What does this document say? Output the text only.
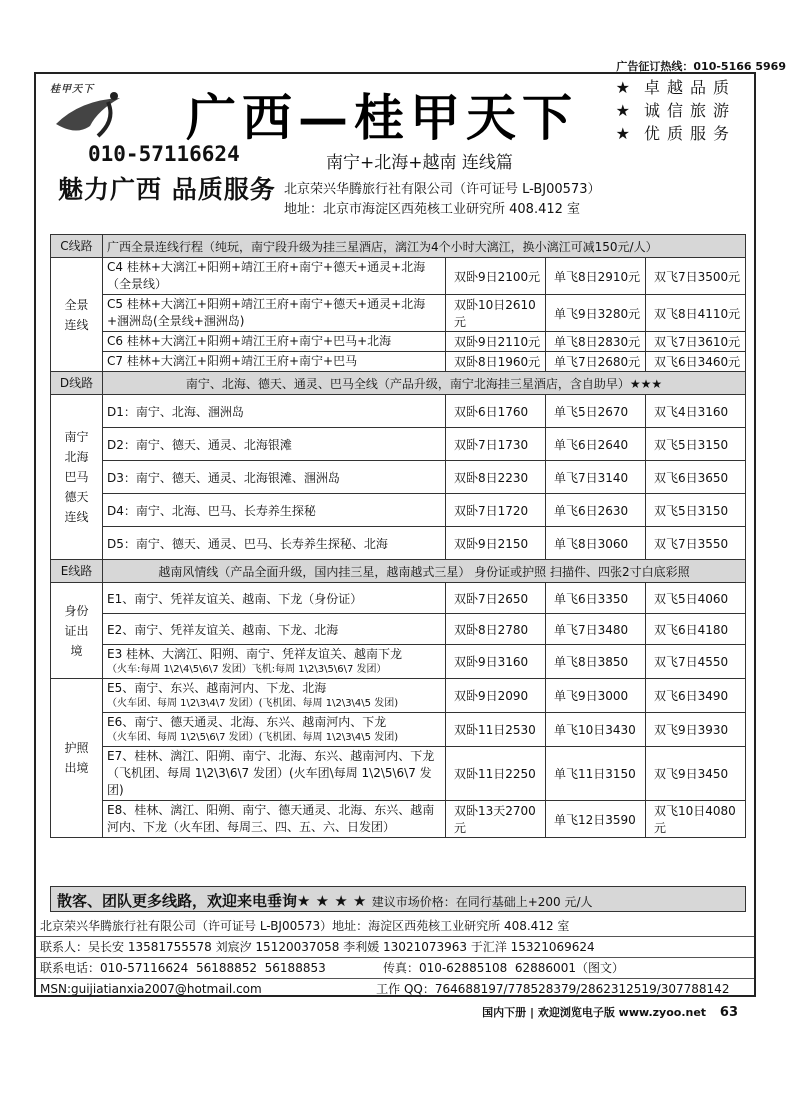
广告征订热线：010-5166 5969
桂甲天下 广西—桂甲天下
★卓越品质
★诚信旅游
★优质服务
010-57116624
魅力广西 品质服务
南宁+北海+越南 连线篇
北京荣兴华腾旅行社有限公司（许可证号 L-BJ00573）
地址：北京市海淀区西苑核工业研究所 408.412 室
C线路	广西全景连线行程（纯玩，南宁段升级为挂三星酒店，漓江为4个小时大漓江，换小漓江可减150元/人）			

全景连线	C4 桂林+大漓江+阳朔+靖江王府+南宁+德天+通灵+北海（全景线）	双卧9日2100元	单飞8日2910元	双飞7日3500元
	C5 桂林+大漓江+阳朔+靖江王府+南宁+德天+通灵+北海+涠洲岛(全景线+涠洲岛)	双卧10日2610 元	单飞9日3280元	双飞8日4110元
	C6 桂林+大漓江+阳朔+靖江王府+南宁+巴马+北海	双卧9日2110元	单飞8日2830元	双飞7日3610元
	C7 桂林+大漓江+阳朔+靖江王府+南宁+巴马	双卧8日1960元	单飞7日2680元	双飞6日3460元
D线路	南宁、北海、德天、通灵、巴马全线（产品升级，南宁北海挂三星酒店，含自助早）★★★			

南宁北海巴马德天连线	D1：南宁、北海、涠洲岛	双卧6日1760	单飞5日2670	双飞4日3160
	D2：南宁、德天、通灵、北海银滩	双卧7日1730	单飞6日2640	双飞5日3150
	D3：南宁、德天、通灵、北海银滩、涠洲岛	双卧8日2230	单飞7日3140	双飞6日3650
	D4：南宁、北海、巴马、长寿养生探秘	双卧7日1720	单飞6日2630	双飞5日3150
	D5：南宁、德天、通灵、巴马、长寿养生探秘、北海	双卧9日2150	单飞8日3060	双飞7日3550
E线路	越南风情线（产品全面升级，国内挂三星，越南越式三星） 身份证或护照 扫描件、四张2寸白底彩照			

身份证出境	E1、南宁、凭祥友谊关、越南、下龙（身份证）	双卧7日2650	单飞6日3350	双飞5日4060
	E2、南宁、凭祥友谊关、越南、下龙、北海	双卧8日2780	单飞7日3480	双飞6日4180

	E3 桂林、大漓江、阳朔、南宁、凭祥友谊关、越南下龙
（火车:每周 1\2\4\5\6\7 发团）飞机:每周 1\2\3\5\6\7 发团）	双卧9日3160	单飞8日3850	双飞7日4550

护照出境	E5、南宁、东兴、越南河内、下龙、北海
（火车团、每周 1\2\3\4\7 发团）(飞机团、每周 1\2\3\4\5 发团)	双卧9日2090	单飞9日3000	双飞6日3490

	E6、南宁、德天通灵、北海、东兴、越南河内、下龙
（火车团、每周 1\2\5\6\7 发团）(飞机团、每周 1\2\3\4\5 发团)	双卧11日2530	单飞10日3430	双飞9日3930
	E7、桂林、漓江、阳朔、南宁、北海、东兴、越南河内、下龙（飞机团、每周 1\2\3\6\7 发团）(火车团\每周 1\2\5\6\7 发团)	双卧11日2250	单飞11日3150	双飞9日3450
	E8、桂林、漓江、阳朔、南宁、德天通灵、北海、东兴、越南河内、下龙（火车团、每周三、四、五、六、日发团）	双卧13天2700元	单飞12日3590	双飞10日4080元
散客、团队更多线路，欢迎来电垂询★ ★ ★ ★ 建议市场价格：在同行基础上+200 元/人
北京荣兴华腾旅行社有限公司（许可证号 L-BJ00573）地址：海淀区西苑核工业研究所 408.412 室
联系人：吴长安 13581755578 刘宸汐 15120037058 李利媛 13021073963 于汇洋 15321069624
联系电话：010-57116624  56188852  56188853               传真：010-62885108  62886001（图文）
MSN:guijiatianxia2007@hotmail.com                              工作 QQ：764688197/778528379/2862312519/307788142
国内下册 | 欢迎浏览电子版 www.zyoo.net 63
